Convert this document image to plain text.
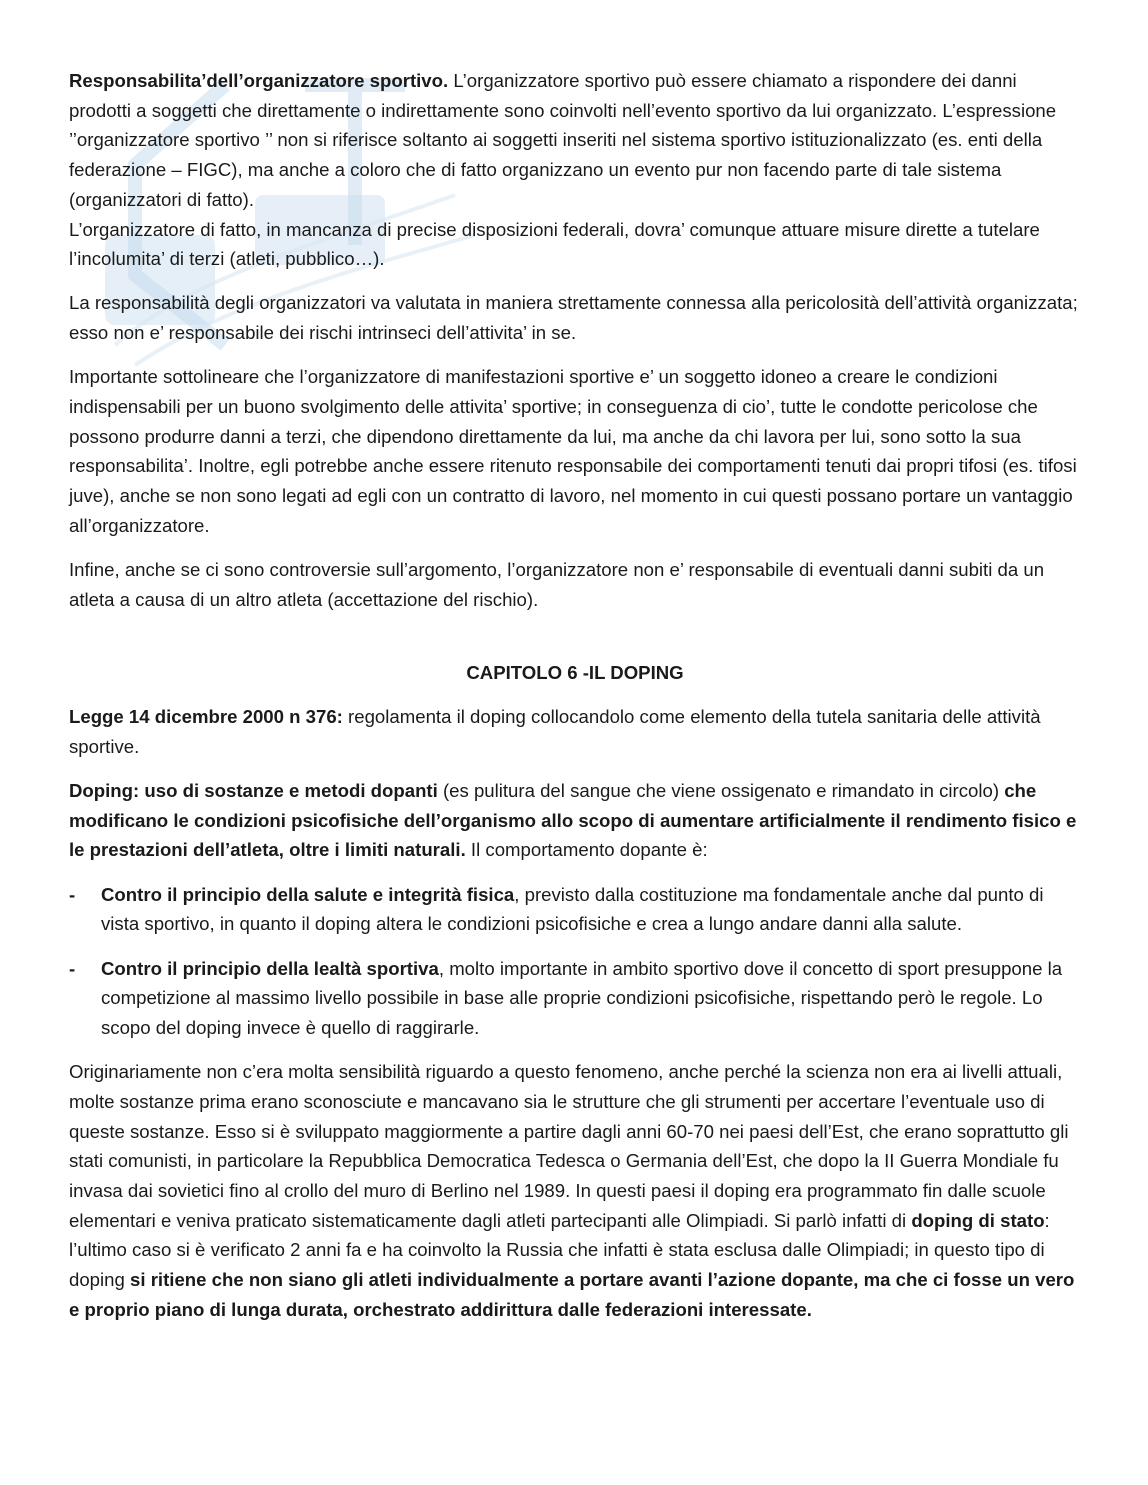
Responsabilita’dell’organizzatore sportivo. L’organizzatore sportivo può essere chiamato a rispondere dei danni prodotti a soggetti che direttamente o indirettamente sono coinvolti nell’evento sportivo da lui organizzato. L’espressione ’’organizzatore sportivo ’’ non si riferisce soltanto ai soggetti inseriti nel sistema sportivo istituzionalizzato (es. enti della federazione – FIGC), ma anche a coloro che di fatto organizzano un evento pur non facendo parte di tale sistema (organizzatori di fatto).
L’organizzatore di fatto, in mancanza di precise disposizioni federali, dovra’ comunque attuare misure dirette a tutelare l’incolumita’ di terzi (atleti, pubblico…).

La responsabilità degli organizzatori va valutata in maniera strettamente connessa alla pericolosità dell’attività organizzata; esso non e’ responsabile dei rischi intrinseci dell’attivita’ in se.

Importante sottolineare che l’organizzatore di manifestazioni sportive e’ un soggetto idoneo a creare le condizioni indispensabili per un buono svolgimento delle attivita’ sportive; in conseguenza di cio’, tutte le condotte pericolose che possono produrre danni a terzi, che dipendono direttamente da lui, ma anche da chi lavora per lui, sono sotto la sua responsabilita’. Inoltre, egli potrebbe anche essere ritenuto responsabile dei comportamenti tenuti dai propri tifosi (es. tifosi juve), anche se non sono legati ad egli con un contratto di lavoro, nel momento in cui questi possano portare un vantaggio all’organizzatore.

Infine, anche se ci sono controversie sull’argomento, l’organizzatore non e’ responsabile di eventuali danni subiti da un atleta a causa di un altro atleta (accettazione del rischio).

CAPITOLO 6 -IL DOPING

Legge 14 dicembre 2000 n 376: regolamenta il doping collocandolo come elemento della tutela sanitaria delle attività sportive.

Doping: uso di sostanze e metodi dopanti (es pulitura del sangue che viene ossigenato e rimandato in circolo) che modificano le condizioni psicofisiche dell’organismo allo scopo di aumentare artificialmente il rendimento fisico e le prestazioni dell’atleta, oltre i limiti naturali. Il comportamento dopante è:

-	Contro il principio della salute e integrità fisica, previsto dalla costituzione ma fondamentale anche dal punto di vista sportivo, in quanto il doping altera le condizioni psicofisiche e crea a lungo andare danni alla salute.
-	Contro il principio della lealtà sportiva, molto importante in ambito sportivo dove il concetto di sport presuppone la competizione al massimo livello possibile in base alle proprie condizioni psicofisiche, rispettando però le regole. Lo scopo del doping invece è quello di raggirarle.

Originariamente non c’era molta sensibilità riguardo a questo fenomeno, anche perché la scienza non era ai livelli attuali, molte sostanze prima erano sconosciute e mancavano sia le strutture che gli strumenti per accertare l’eventuale uso di queste sostanze. Esso si è sviluppato maggiormente a partire dagli anni 60-70 nei paesi dell’Est, che erano soprattutto gli stati comunisti, in particolare la Repubblica Democratica Tedesca o Germania dell’Est, che dopo la II Guerra Mondiale fu invasa dai sovietici fino al crollo del muro di Berlino nel 1989. In questi paesi il doping era programmato fin dalle scuole elementari e veniva praticato sistematicamente dagli atleti partecipanti alle Olimpiadi. Si parlò infatti di doping di stato: l’ultimo caso si è verificato 2 anni fa e ha coinvolto la Russia che infatti è stata esclusa dalle Olimpiadi; in questo tipo di doping si ritiene che non siano gli atleti individualmente a portare avanti l’azione dopante, ma che ci fosse un vero e proprio piano di lunga durata, orchestrato addirittura dalle federazioni interessate.
